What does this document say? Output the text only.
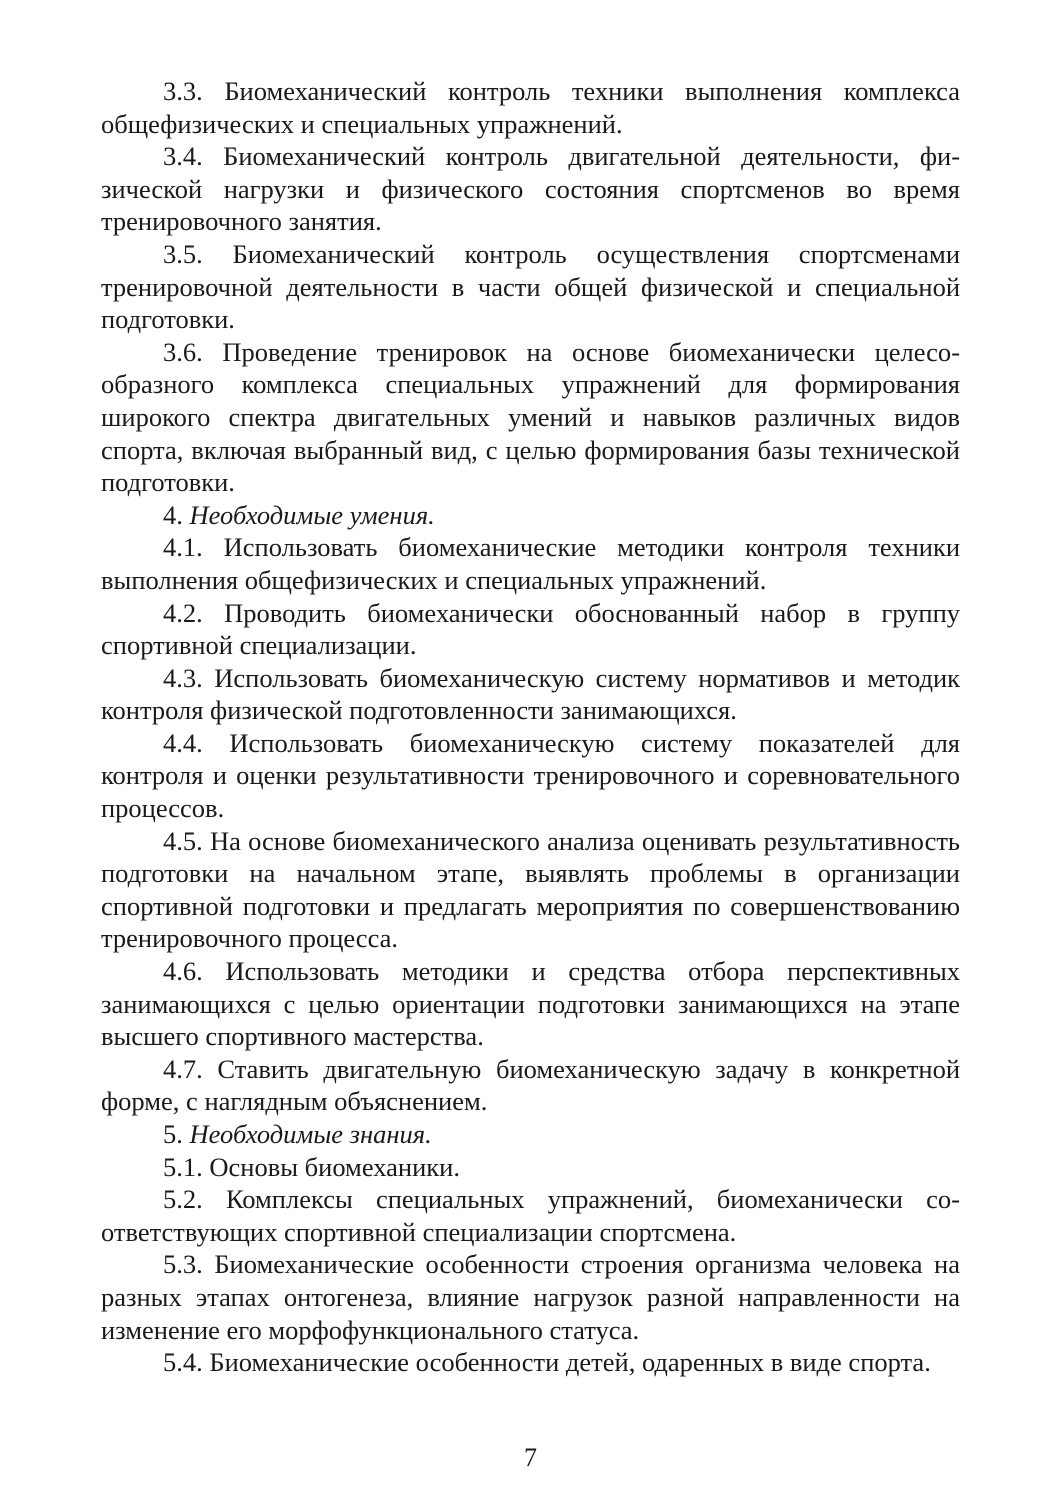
3.3. Биомеханический контроль техники выполнения комплекса общефизических и специальных упражнений.

3.4. Биомеханический контроль двигательной деятельности, физической нагрузки и физического состояния спортсменов во время тренировочного занятия.

3.5. Биомеханический контроль осуществления спортсменами тренировочной деятельности в части общей физической и специальной подготовки.

3.6. Проведение тренировок на основе биомеханически целесообразного комплекса специальных упражнений для формирования широкого спектра двигательных умений и навыков различных видов спорта, включая выбранный вид, с целью формирования базы технической подготовки.

4. Необходимые умения.

4.1. Использовать биомеханические методики контроля техники выполнения общефизических и специальных упражнений.

4.2. Проводить биомеханически обоснованный набор в группу спортивной специализации.

4.3. Использовать биомеханическую систему нормативов и методик контроля физической подготовленности занимающихся.

4.4. Использовать биомеханическую систему показателей для контроля и оценки результативности тренировочного и соревновательного процессов.

4.5. На основе биомеханического анализа оценивать результативность подготовки на начальном этапе, выявлять проблемы в организации спортивной подготовки и предлагать мероприятия по совершенствованию тренировочного процесса.

4.6. Использовать методики и средства отбора перспективных занимающихся с целью ориентации подготовки занимающихся на этапе высшего спортивного мастерства.

4.7. Ставить двигательную биомеханическую задачу в конкретной форме, с наглядным объяснением.

5. Необходимые знания.

5.1. Основы биомеханики.

5.2. Комплексы специальных упражнений, биомеханически соответствующих спортивной специализации спортсмена.

5.3. Биомеханические особенности строения организма человека на разных этапах онтогенеза, влияние нагрузок разной направленности на изменение его морфофункционального статуса.

5.4. Биомеханические особенности детей, одаренных в виде спорта.

7
